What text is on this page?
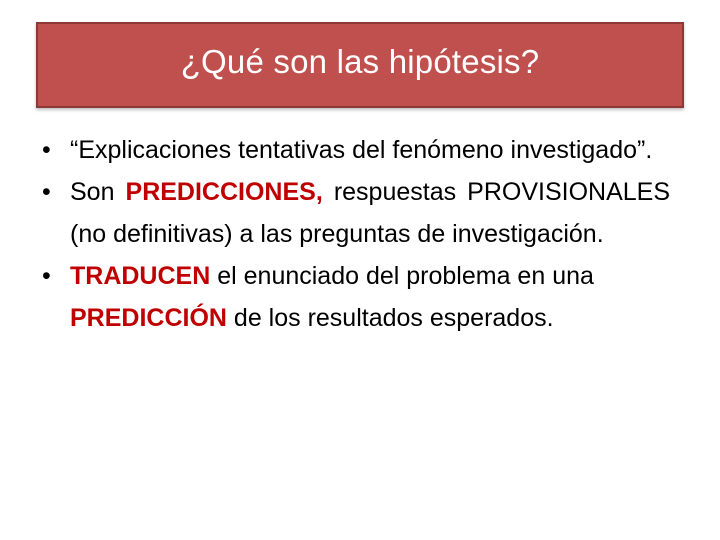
¿Qué son las hipótesis?
• “Explicaciones tentativas del fenómeno investigado”.
• Son PREDICCIONES, respuestas PROVISIONALES (no definitivas) a las preguntas de investigación.
• TRADUCEN el enunciado del problema en una PREDICCIÓN de los resultados esperados.
